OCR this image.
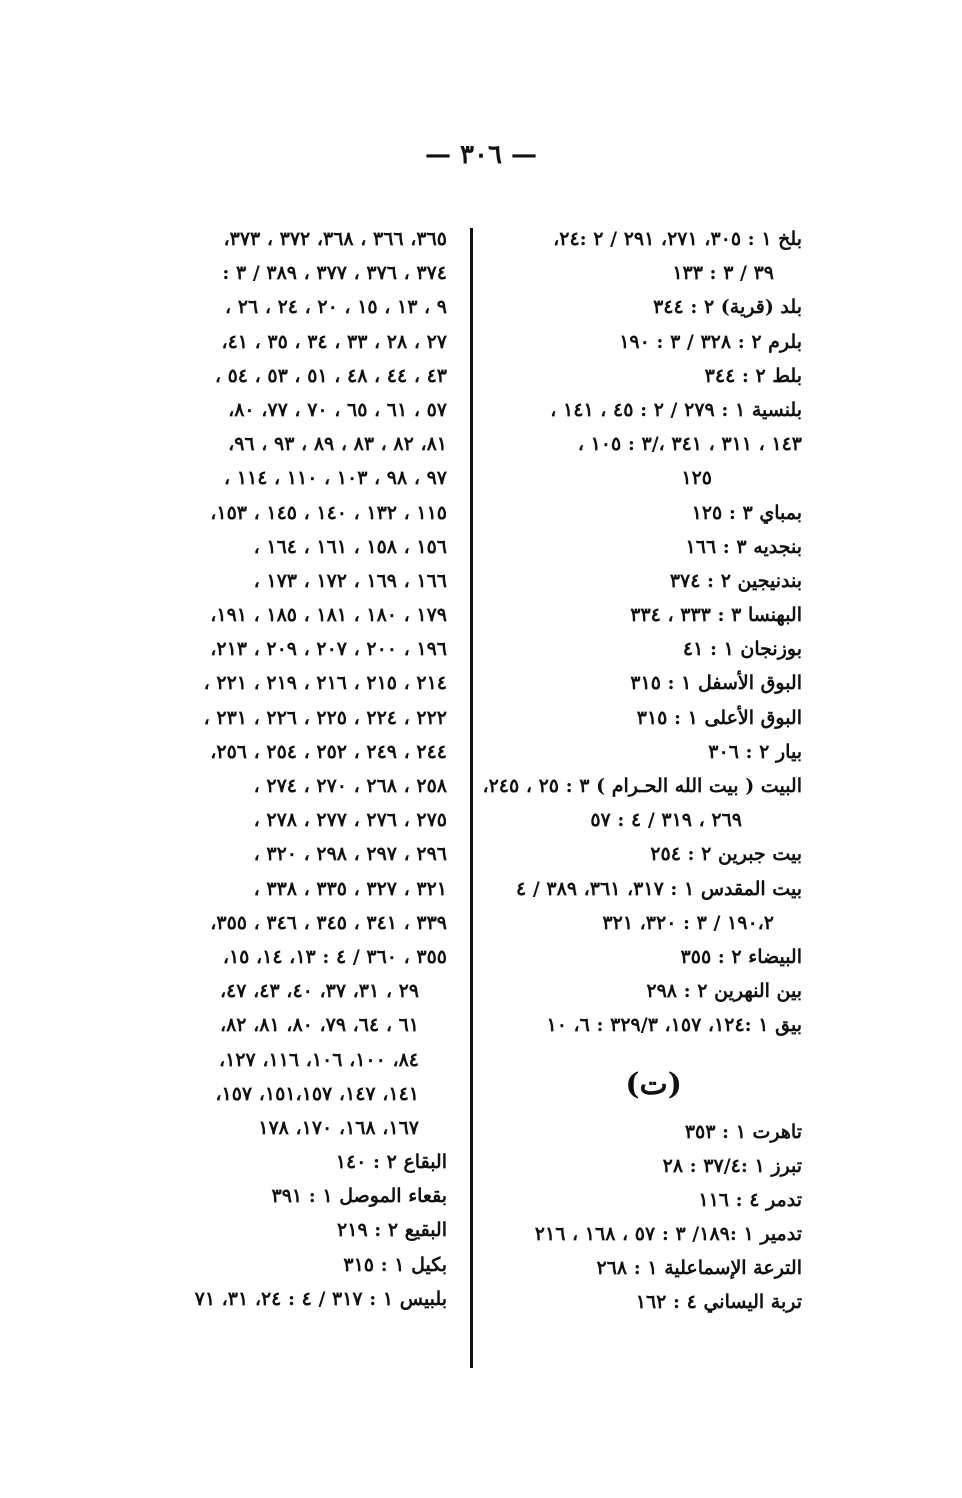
— ٣٠٦ —
بلخ ١ : ٣٠٥، ٢٧١، ٢٩١ / ٢ :٢٤،
٣٩ / ٣ : ١٣٣
بلد (قرية) ٢ : ٣٤٤
بلرم ٢ : ٣٢٨ / ٣ : ١٩٠
بلط ٢ : ٣٤٤
بلنسية ١ : ٢٧٩ / ٢ : ٤٥ ، ١٤١ ،
١٤٣ ، ٣١١ ، ٣٤١ ،/٣ : ١٠٥ ،
١٢٥
بمباي ٣ : ١٢٥
بنجديه ٣ : ١٦٦
بندنيجين ٢ : ٣٧٤
البهنسا ٣ : ٣٣٣ ، ٣٣٤
بوزنجان ١ : ٤١
البوق الأسفل ١ : ٣١٥
البوق الأعلى ١ : ٣١٥
بيار ٢ : ٣٠٦
البيت ( بيت الله الحـرام ) ٣ : ٢٥ ، ٢٤٥،
٢٦٩ ، ٣١٩ / ٤ : ٥٧
بيت جبرين ٢ : ٢٥٤
بيت المقدس ١ : ٣١٧، ٣٦١، ٣٨٩ / ٤
١٩٠،٢ / ٣ : ٣٢٠، ٣٢١
البيضاء ٢ : ٣٥٥
بين النهرين ٢ : ٢٩٨
بيق ١ :١٢٤، ١٥٧، ٣٢٩/٣ : ٦، ١٠
(ت)
تاهرت ١ : ٣٥٣
تبرز ١ :٣٧/٤ : ٢٨
تدمر ٤ : ١١٦
تدمير ١ :١٨٩/ ٣ : ٥٧ ، ١٦٨ ، ٢١٦
الترعة الإسماعلية ١ : ٢٦٨
تربة اليساني ٤ : ١٦٢
٣٦٥، ٣٦٦ ، ٣٦٨، ٣٧٢ ، ٣٧٣،
٣٧٤ ، ٣٧٦ ، ٣٧٧ ، ٣٨٩ / ٣ :
٩ ، ١٣ ، ١٥ ، ٢٠ ، ٢٤ ، ٢٦ ،
٢٧ ، ٢٨ ، ٣٣ ، ٣٤ ، ٣٥ ، ٤١،
٤٣ ، ٤٤ ، ٤٨ ، ٥١ ، ٥٣ ، ٥٤ ،
٥٧ ، ٦١ ، ٦٥ ، ٧٠ ، ٧٧، ٨٠،
٨١، ٨٢ ، ٨٣ ، ٨٩ ، ٩٣ ، ٩٦،
٩٧ ، ٩٨ ، ١٠٣ ، ١١٠ ، ١١٤ ،
١١٥ ، ١٣٢ ، ١٤٠ ، ١٤٥ ، ١٥٣،
١٥٦ ، ١٥٨ ، ١٦١ ، ١٦٤ ،
١٦٦ ، ١٦٩ ، ١٧٢ ، ١٧٣ ،
١٧٩ ، ١٨٠ ، ١٨١ ، ١٨٥ ، ١٩١،
١٩٦ ، ٢٠٠ ، ٢٠٧ ، ٢٠٩ ، ٢١٣،
٢١٤ ، ٢١٥ ، ٢١٦ ، ٢١٩ ، ٢٢١ ،
٢٢٢ ، ٢٢٤ ، ٢٢٥ ، ٢٢٦ ، ٢٣١ ،
٢٤٤ ، ٢٤٩ ، ٢٥٢ ، ٢٥٤ ، ٢٥٦،
٢٥٨ ، ٢٦٨ ، ٢٧٠ ، ٢٧٤ ،
٢٧٥ ، ٢٧٦ ، ٢٧٧ ، ٢٧٨ ،
٢٩٦ ، ٢٩٧ ، ٢٩٨ ، ٣٢٠ ،
٣٢١ ، ٣٢٧ ، ٣٣٥ ، ٣٣٨ ،
٣٣٩ ، ٣٤١ ، ٣٤٥ ، ٣٤٦ ، ٣٥٥،
٣٥٥ ، ٣٦٠ / ٤ : ١٣، ١٤، ١٥،
٢٩ ، ٣١، ٣٧، ٤٠، ٤٣، ٤٧،
٦١ ، ٦٤، ٧٩، ٨٠، ٨١، ٨٢،
٨٤، ١٠٠، ١٠٦، ١١٦، ١٢٧،
١٤١، ١٤٧، ١٥١،١٥٧، ١٥٧،
١٦٧، ١٦٨، ١٧٠، ١٧٨
البقاع ٢ : ١٤٠
بقعاء الموصل ١ : ٣٩١
البقيع ٢ : ٢١٩
بكيل ١ : ٣١٥
بلبيس ١ : ٣١٧ / ٤ : ٢٤، ٣١، ٧١
